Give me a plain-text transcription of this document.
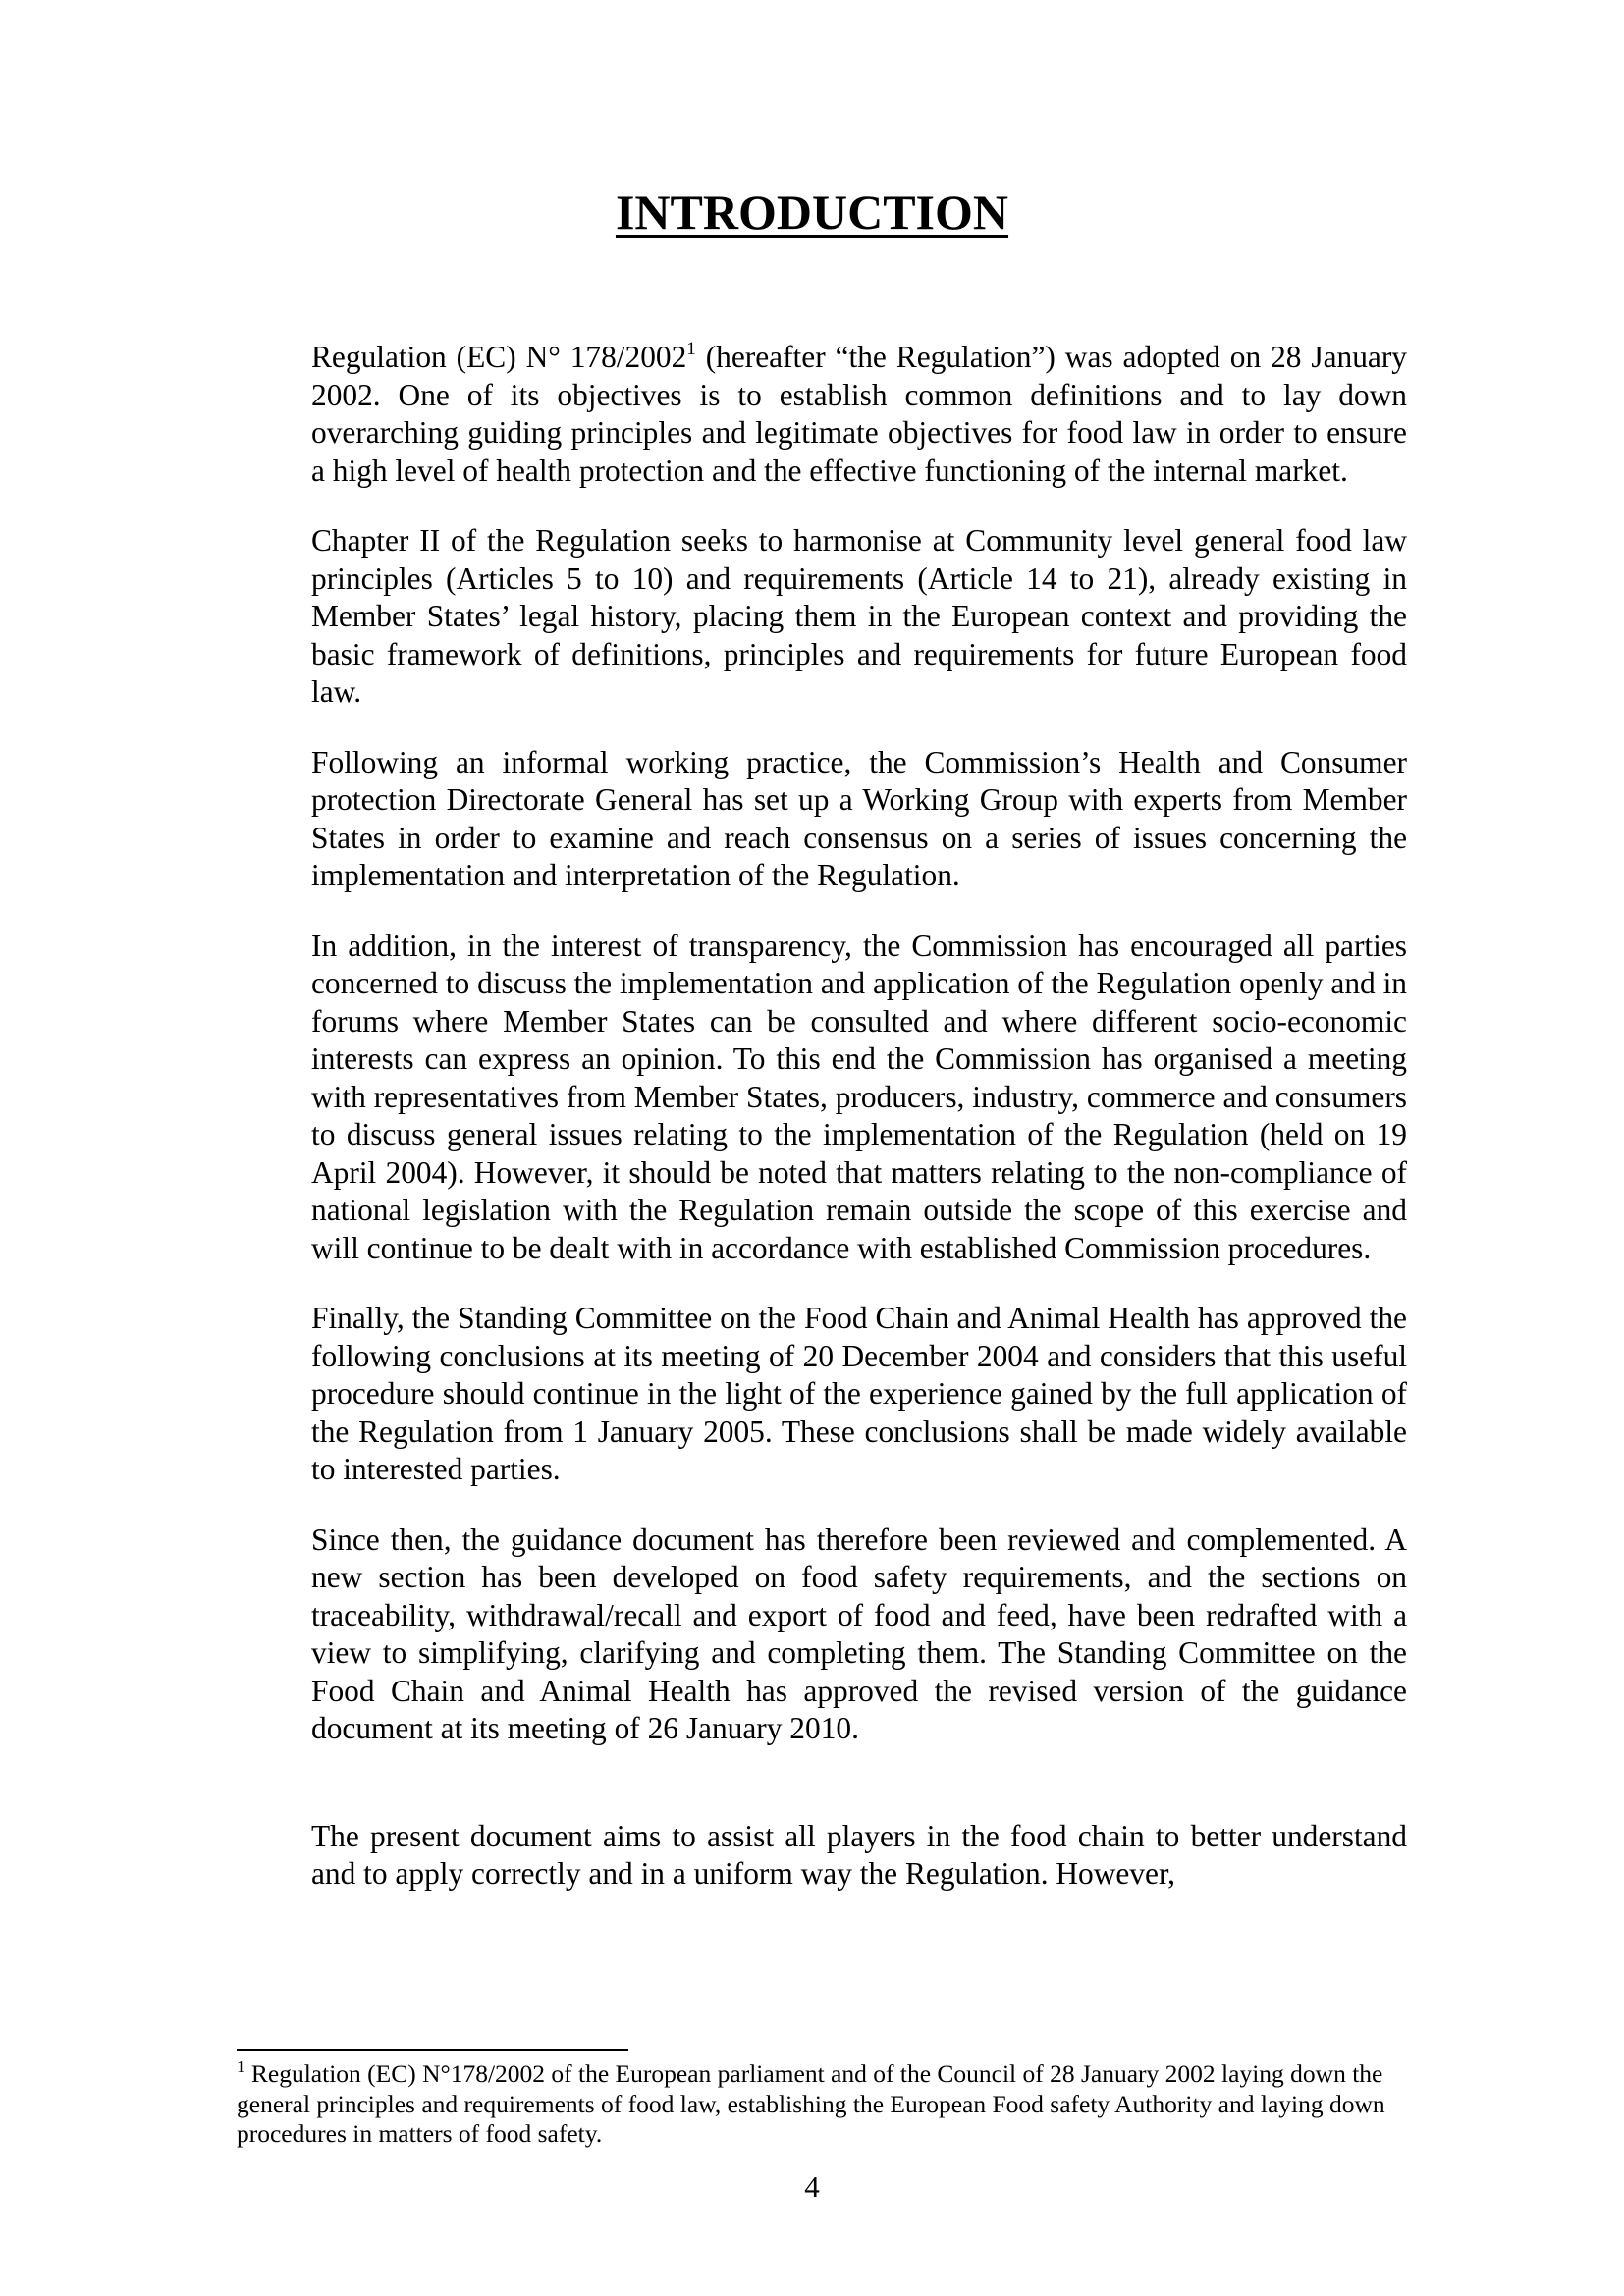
INTRODUCTION

Regulation (EC) N° 178/2002$^1$ (hereafter “the Regulation”) was adopted on 28 January 2002. One of its objectives is to establish common definitions and to lay down overarching guiding principles and legitimate objectives for food law in order to ensure a high level of health protection and the effective functioning of the internal market.

Chapter II of the Regulation seeks to harmonise at Community level general food law principles (Articles 5 to 10) and requirements (Article 14 to 21), already existing in Member States’ legal history, placing them in the European context and providing the basic framework of definitions, principles and requirements for future European food law.

Following an informal working practice, the Commission’s Health and Consumer protection Directorate General has set up a Working Group with experts from Member States in order to examine and reach consensus on a series of issues concerning the implementation and interpretation of the Regulation.

In addition, in the interest of transparency, the Commission has encouraged all parties concerned to discuss the implementation and application of the Regulation openly and in forums where Member States can be consulted and where different socio-economic interests can express an opinion. To this end the Commission has organised a meeting with representatives from Member States, producers, industry, commerce and consumers to discuss general issues relating to the implementation of the Regulation (held on 19 April 2004). However, it should be noted that matters relating to the non-compliance of national legislation with the Regulation remain outside the scope of this exercise and will continue to be dealt with in accordance with established Commission procedures.

Finally, the Standing Committee on the Food Chain and Animal Health has approved the following conclusions at its meeting of 20 December 2004 and considers that this useful procedure should continue in the light of the experience gained by the full application of the Regulation from 1 January 2005. These conclusions shall be made widely available to interested parties.

Since then, the guidance document has therefore been reviewed and complemented. A new section has been developed on food safety requirements, and the sections on traceability, withdrawal/recall and export of food and feed, have been redrafted with a view to simplifying, clarifying and completing them. The Standing Committee on the Food Chain and Animal Health has approved the revised version of the guidance document at its meeting of 26 January 2010.

The present document aims to assist all players in the food chain to better understand and to apply correctly and in a uniform way the Regulation. However,

$^1$ Regulation (EC) N°178/2002 of the European parliament and of the Council of 28 January 2002 laying down the general principles and requirements of food law, establishing the European Food safety Authority and laying down procedures in matters of food safety.

4
